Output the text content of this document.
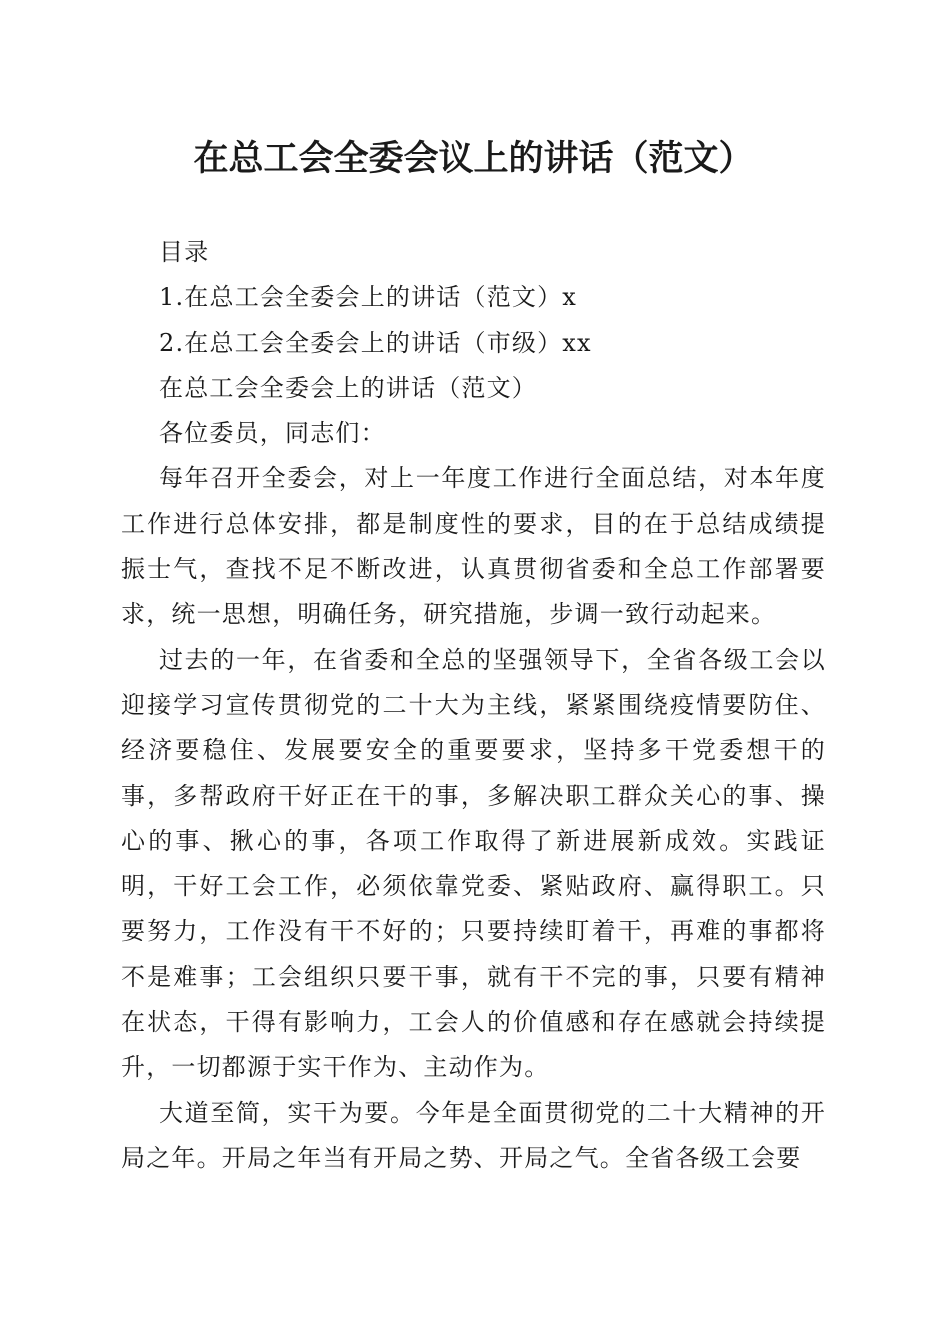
在总工会全委会议上的讲话（范文）

目录

1.在总工会全委会上的讲话（范文）x

2.在总工会全委会上的讲话（市级）xx

在总工会全委会上的讲话（范文）

各位委员，同志们：

每年召开全委会，对上一年度工作进行全面总结，对本年度工作进行总体安排，都是制度性的要求，目的在于总结成绩提振士气，查找不足不断改进，认真贯彻省委和全总工作部署要求，统一思想，明确任务，研究措施，步调一致行动起来。

过去的一年，在省委和全总的坚强领导下，全省各级工会以迎接学习宣传贯彻党的二十大为主线，紧紧围绕疫情要防住、经济要稳住、发展要安全的重要要求，坚持多干党委想干的事，多帮政府干好正在干的事，多解决职工群众关心的事、操心的事、揪心的事，各项工作取得了新进展新成效。实践证明，干好工会工作，必须依靠党委、紧贴政府、赢得职工。只要努力，工作没有干不好的；只要持续盯着干，再难的事都将不是难事；工会组织只要干事，就有干不完的事，只要有精神在状态，干得有影响力，工会人的价值感和存在感就会持续提升，一切都源于实干作为、主动作为。

大道至简，实干为要。今年是全面贯彻党的二十大精神的开局之年。开局之年当有开局之势、开局之气。全省各级工会要
